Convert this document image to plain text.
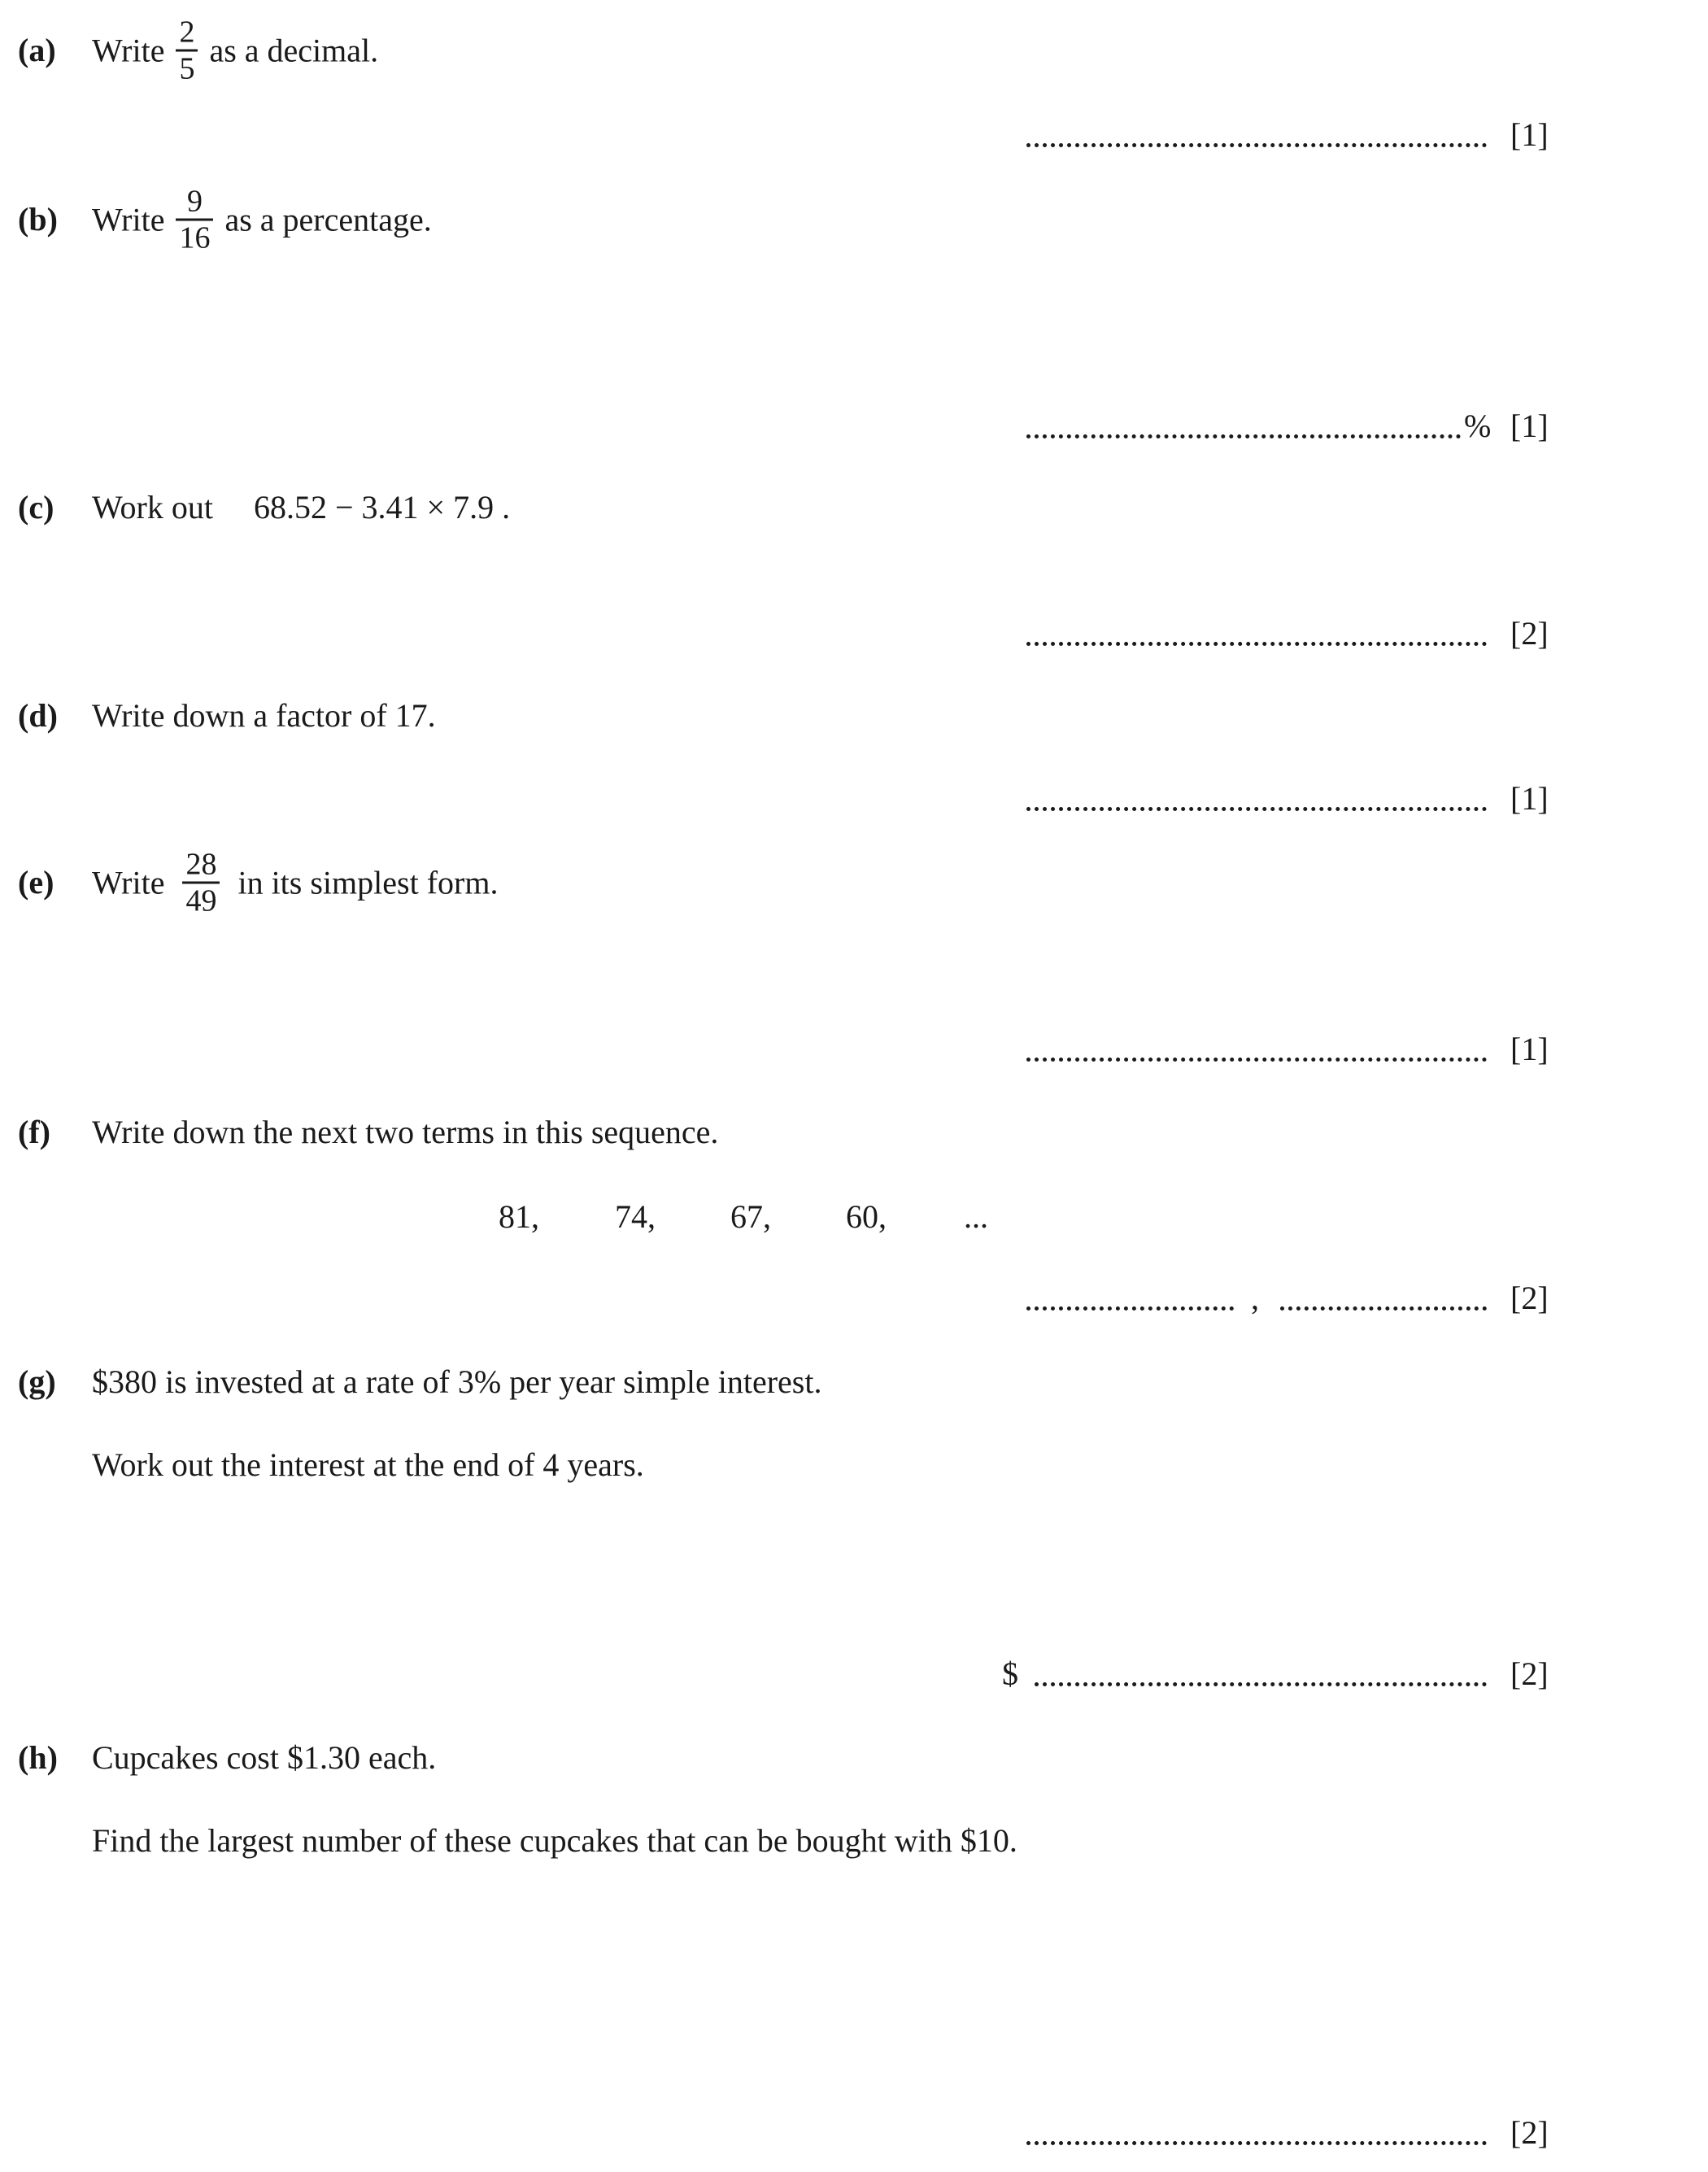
(a) Write $\frac{2}{5}$ as a decimal.
[1]
(b) Write $\frac{9}{16}$ as a percentage.
% [1]
(c) Work out 68.52 − 3.41 × 7.9 .
[2]
(d) Write down a factor of 17.
[1]
(e) Write $\frac{28}{49}$ in its simplest form.
[1]
(f) Write down the next two terms in this sequence.
81, 74, 67, 60, ...
,	[2]
(g) $380 is invested at a rate of 3% per year simple interest.
Work out the interest at the end of 4 years.
$	[2]
(h) Cupcakes cost $1.30 each.
Find the largest number of these cupcakes that can be bought with $10.
[2]
